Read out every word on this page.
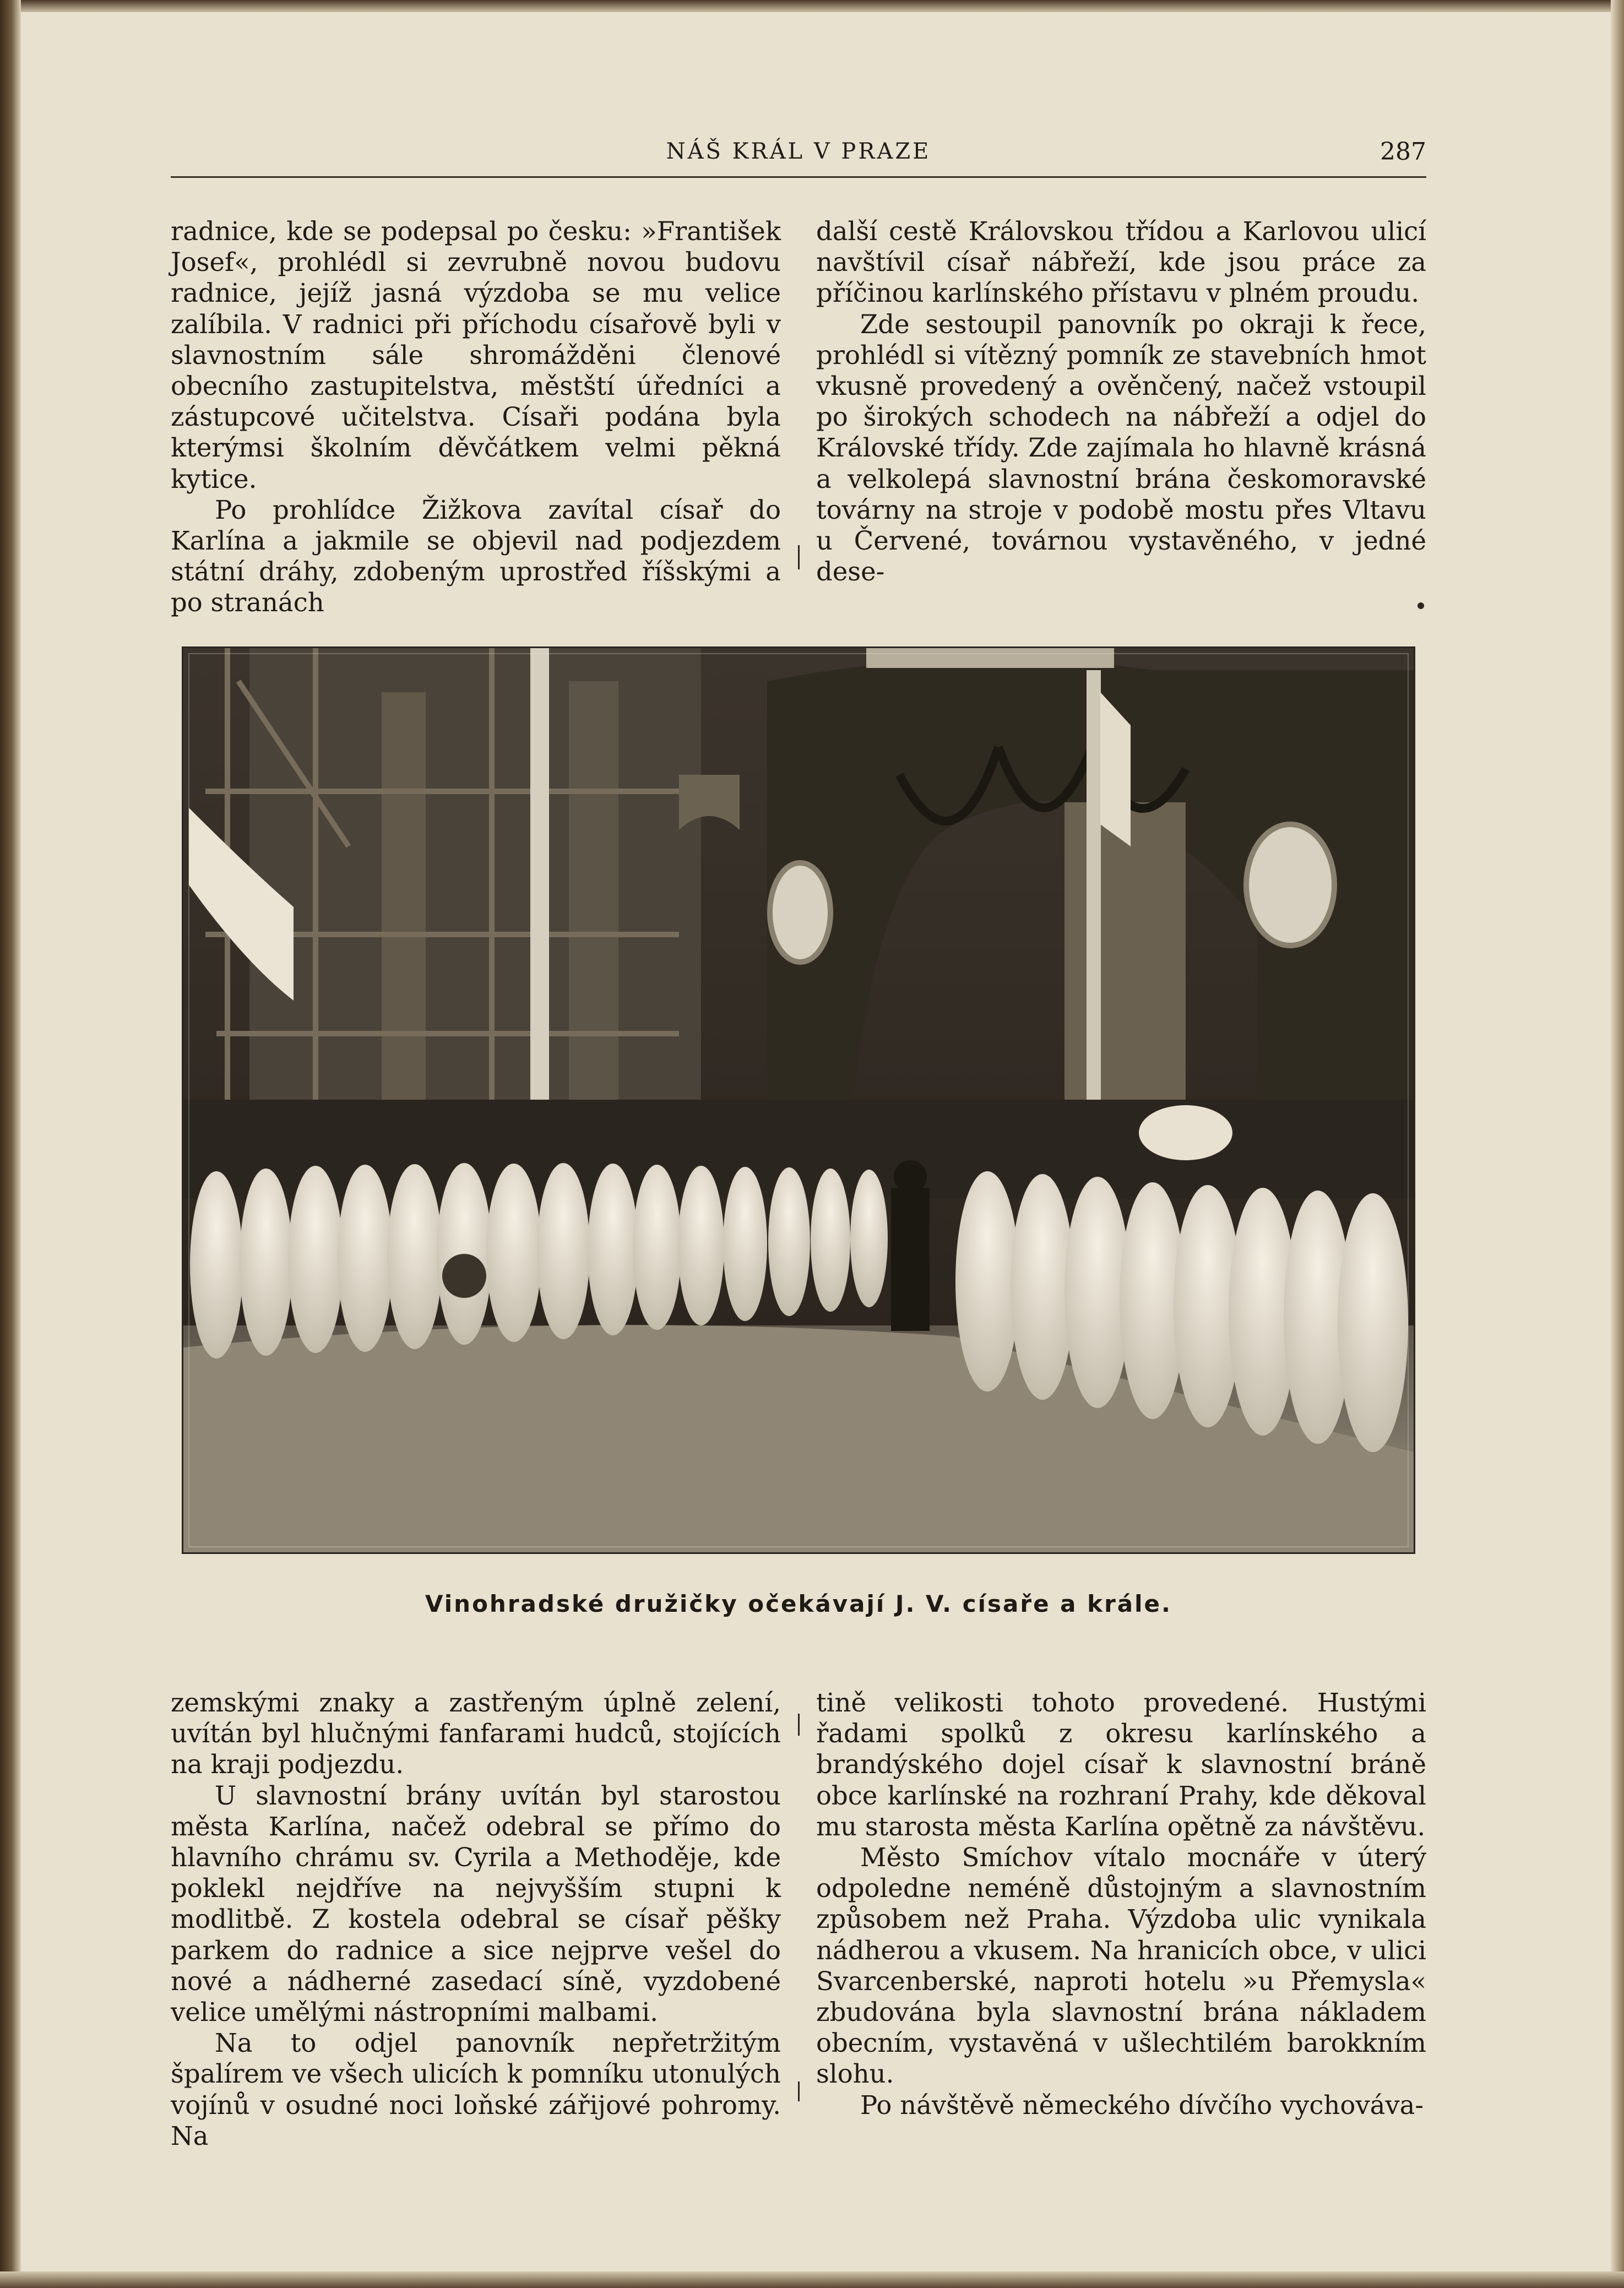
NÁŠ KRÁL V PRAZE	287

radnice, kde se podepsal po česku: »František Josef«, prohlédl si zevrubně novou budovu radnice, jejíž jasná výzdoba se mu velice zalíbila. V radnici při příchodu císařově byli v slavnostním sále shromážděni členové obecního zastupitelstva, městští úředníci a zástupcové učitelstva. Císaři podána byla kterýmsi školním děvčátkem velmi pěkná kytice.

Po prohlídce Žižkova zavítal císař do Karlína a jakmile se objevil nad podjezdem státní dráhy, zdobeným uprostřed říšskými a po stranách

další cestě Královskou třídou a Karlovou ulicí navštívil císař nábřeží, kde jsou práce za příčinou karlínského přístavu v plném proudu.

Zde sestoupil panovník po okraji k řece, prohlédl si vítězný pomník ze stavebních hmot vkusně provedený a ověnčený, načež vstoupil po širokých schodech na nábřeží a odjel do Královské třídy. Zde zajímala ho hlavně krásná a velkolepá slavnostní brána českomoravské továrny na stroje v podobě mostu přes Vltavu u Červené, továrnou vystavěného, v jedné dese-

Vinohradské družičky očekávají J. V. císaře a krále.

zemskými znaky a zastřeným úplně zelení, uvítán byl hlučnými fanfarami hudců, stojících na kraji podjezdu.

U slavnostní brány uvítán byl starostou města Karlína, načež odebral se přímo do hlavního chrámu sv. Cyrila a Methoděje, kde poklekl nejdříve na nejvyšším stupni k modlitbě. Z kostela odebral se císař pěšky parkem do radnice a sice nejprve vešel do nové a nádherné zasedací síně, vyzdobené velice umělými nástropními malbami.

Na to odjel panovník nepřetržitým špalírem ve všech ulicích k pomníku utonulých vojínů v osudné noci loňské zářijové pohromy. Na

tině velikosti tohoto provedené. Hustými řadami spolků z okresu karlínského a brandýského dojel císař k slavnostní bráně obce karlínské na rozhraní Prahy, kde děkoval mu starosta města Karlína opětně za návštěvu.

Město Smíchov vítalo mocnáře v úterý odpoledne neméně důstojným a slavnostním způsobem než Praha. Výzdoba ulic vynikala nádherou a vkusem. Na hranicích obce, v ulici Svarcenberské, naproti hotelu »u Přemysla« zbudována byla slavnostní brána nákladem obecním, vystavěná v ušlechtilém barokkním slohu.

Po návštěvě německého dívčího vychováva-
